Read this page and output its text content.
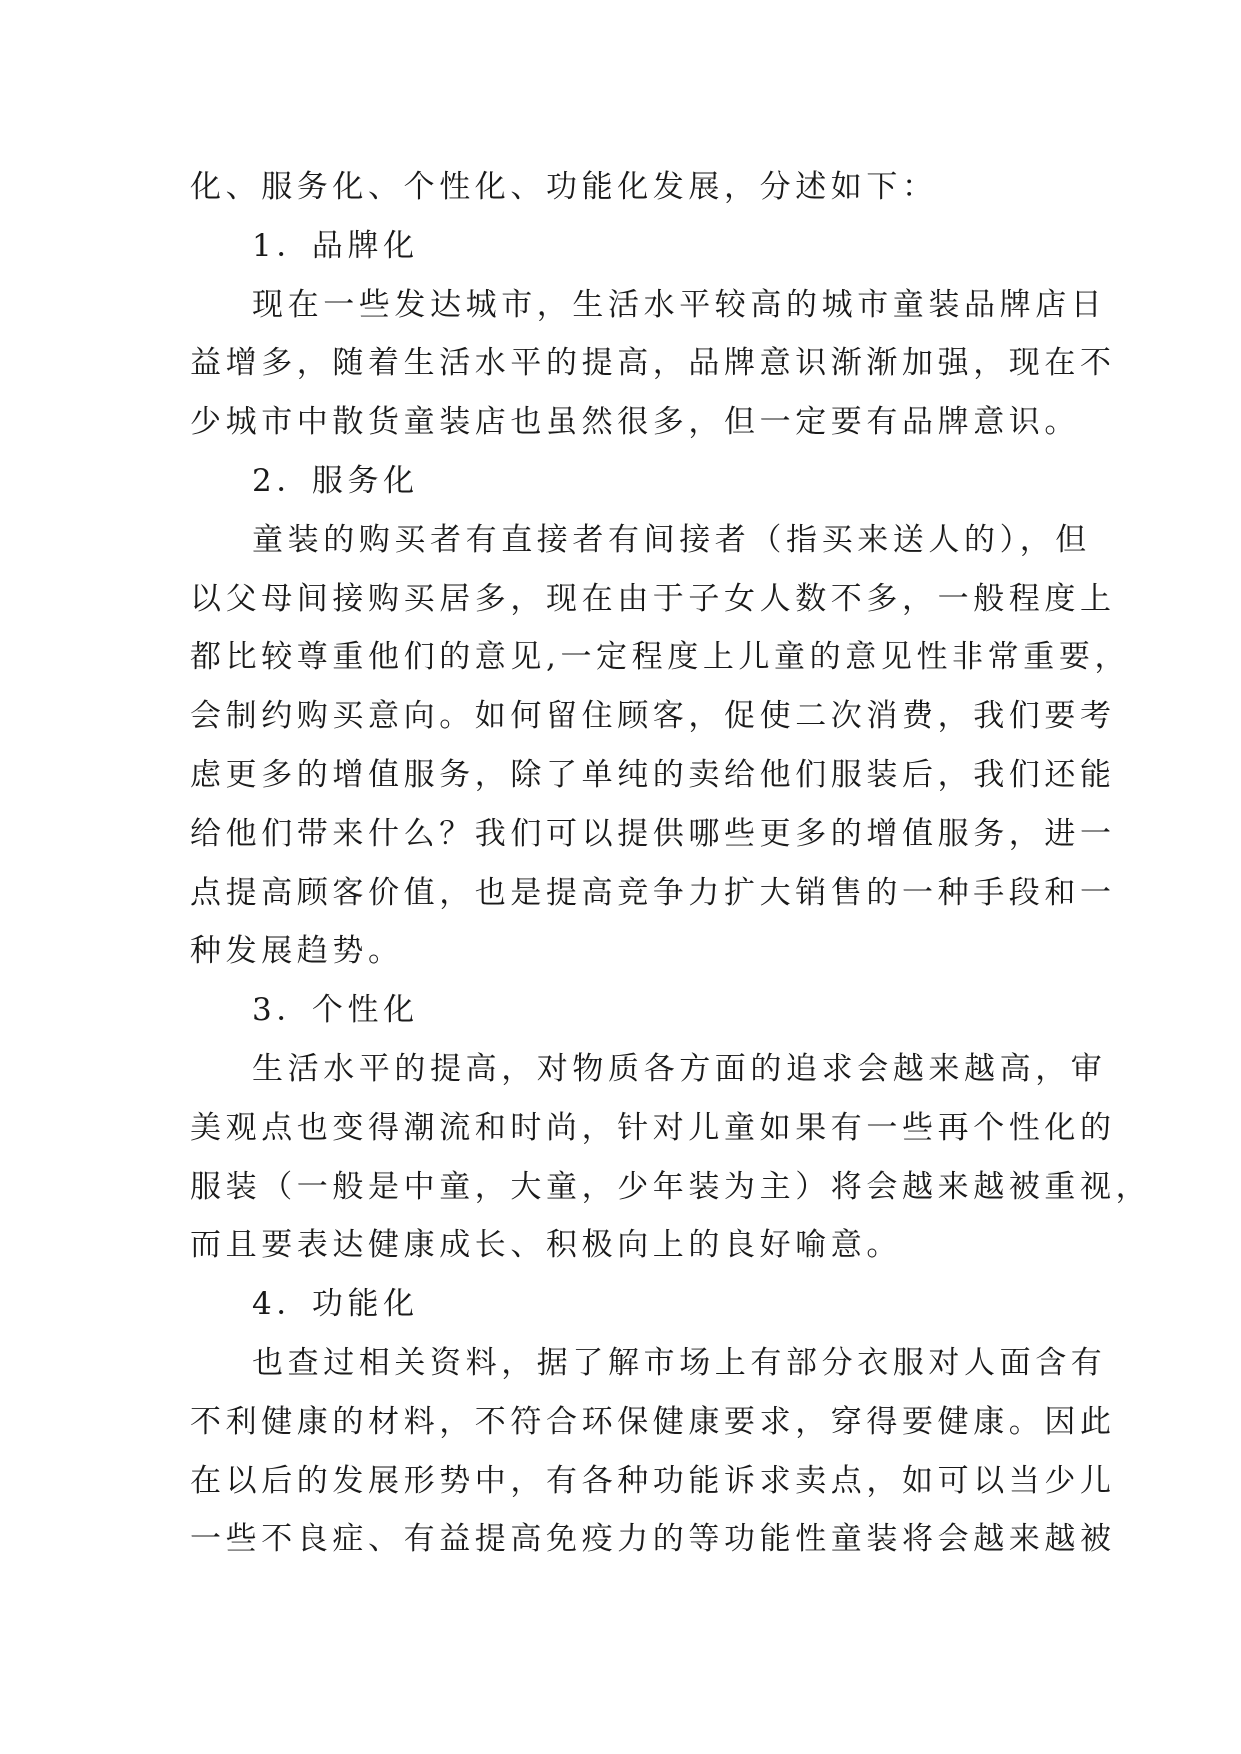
化、服务化、个性化、功能化发展，分述如下：
1．品牌化
现在一些发达城市，生活水平较高的城市童装品牌店日
益增多，随着生活水平的提高，品牌意识渐渐加强，现在不
少城市中散货童装店也虽然很多，但一定要有品牌意识。
2．服务化
童装的购买者有直接者有间接者（指买来送人的），但
以父母间接购买居多，现在由于子女人数不多，一般程度上
都比较尊重他们的意见,一定程度上儿童的意见性非常重要，
会制约购买意向。如何留住顾客，促使二次消费，我们要考
虑更多的增值服务，除了单纯的卖给他们服装后，我们还能
给他们带来什么？我们可以提供哪些更多的增值服务，进一
点提高顾客价值，也是提高竞争力扩大销售的一种手段和一
种发展趋势。
3．个性化
生活水平的提高，对物质各方面的追求会越来越高，审
美观点也变得潮流和时尚，针对儿童如果有一些再个性化的
服装（一般是中童，大童，少年装为主）将会越来越被重视，
而且要表达健康成长、积极向上的良好喻意。
4．功能化
也查过相关资料，据了解市场上有部分衣服对人面含有
不利健康的材料，不符合环保健康要求，穿得要健康。因此
在以后的发展形势中，有各种功能诉求卖点，如可以当少儿
一些不良症、有益提高免疫力的等功能性童装将会越来越被
